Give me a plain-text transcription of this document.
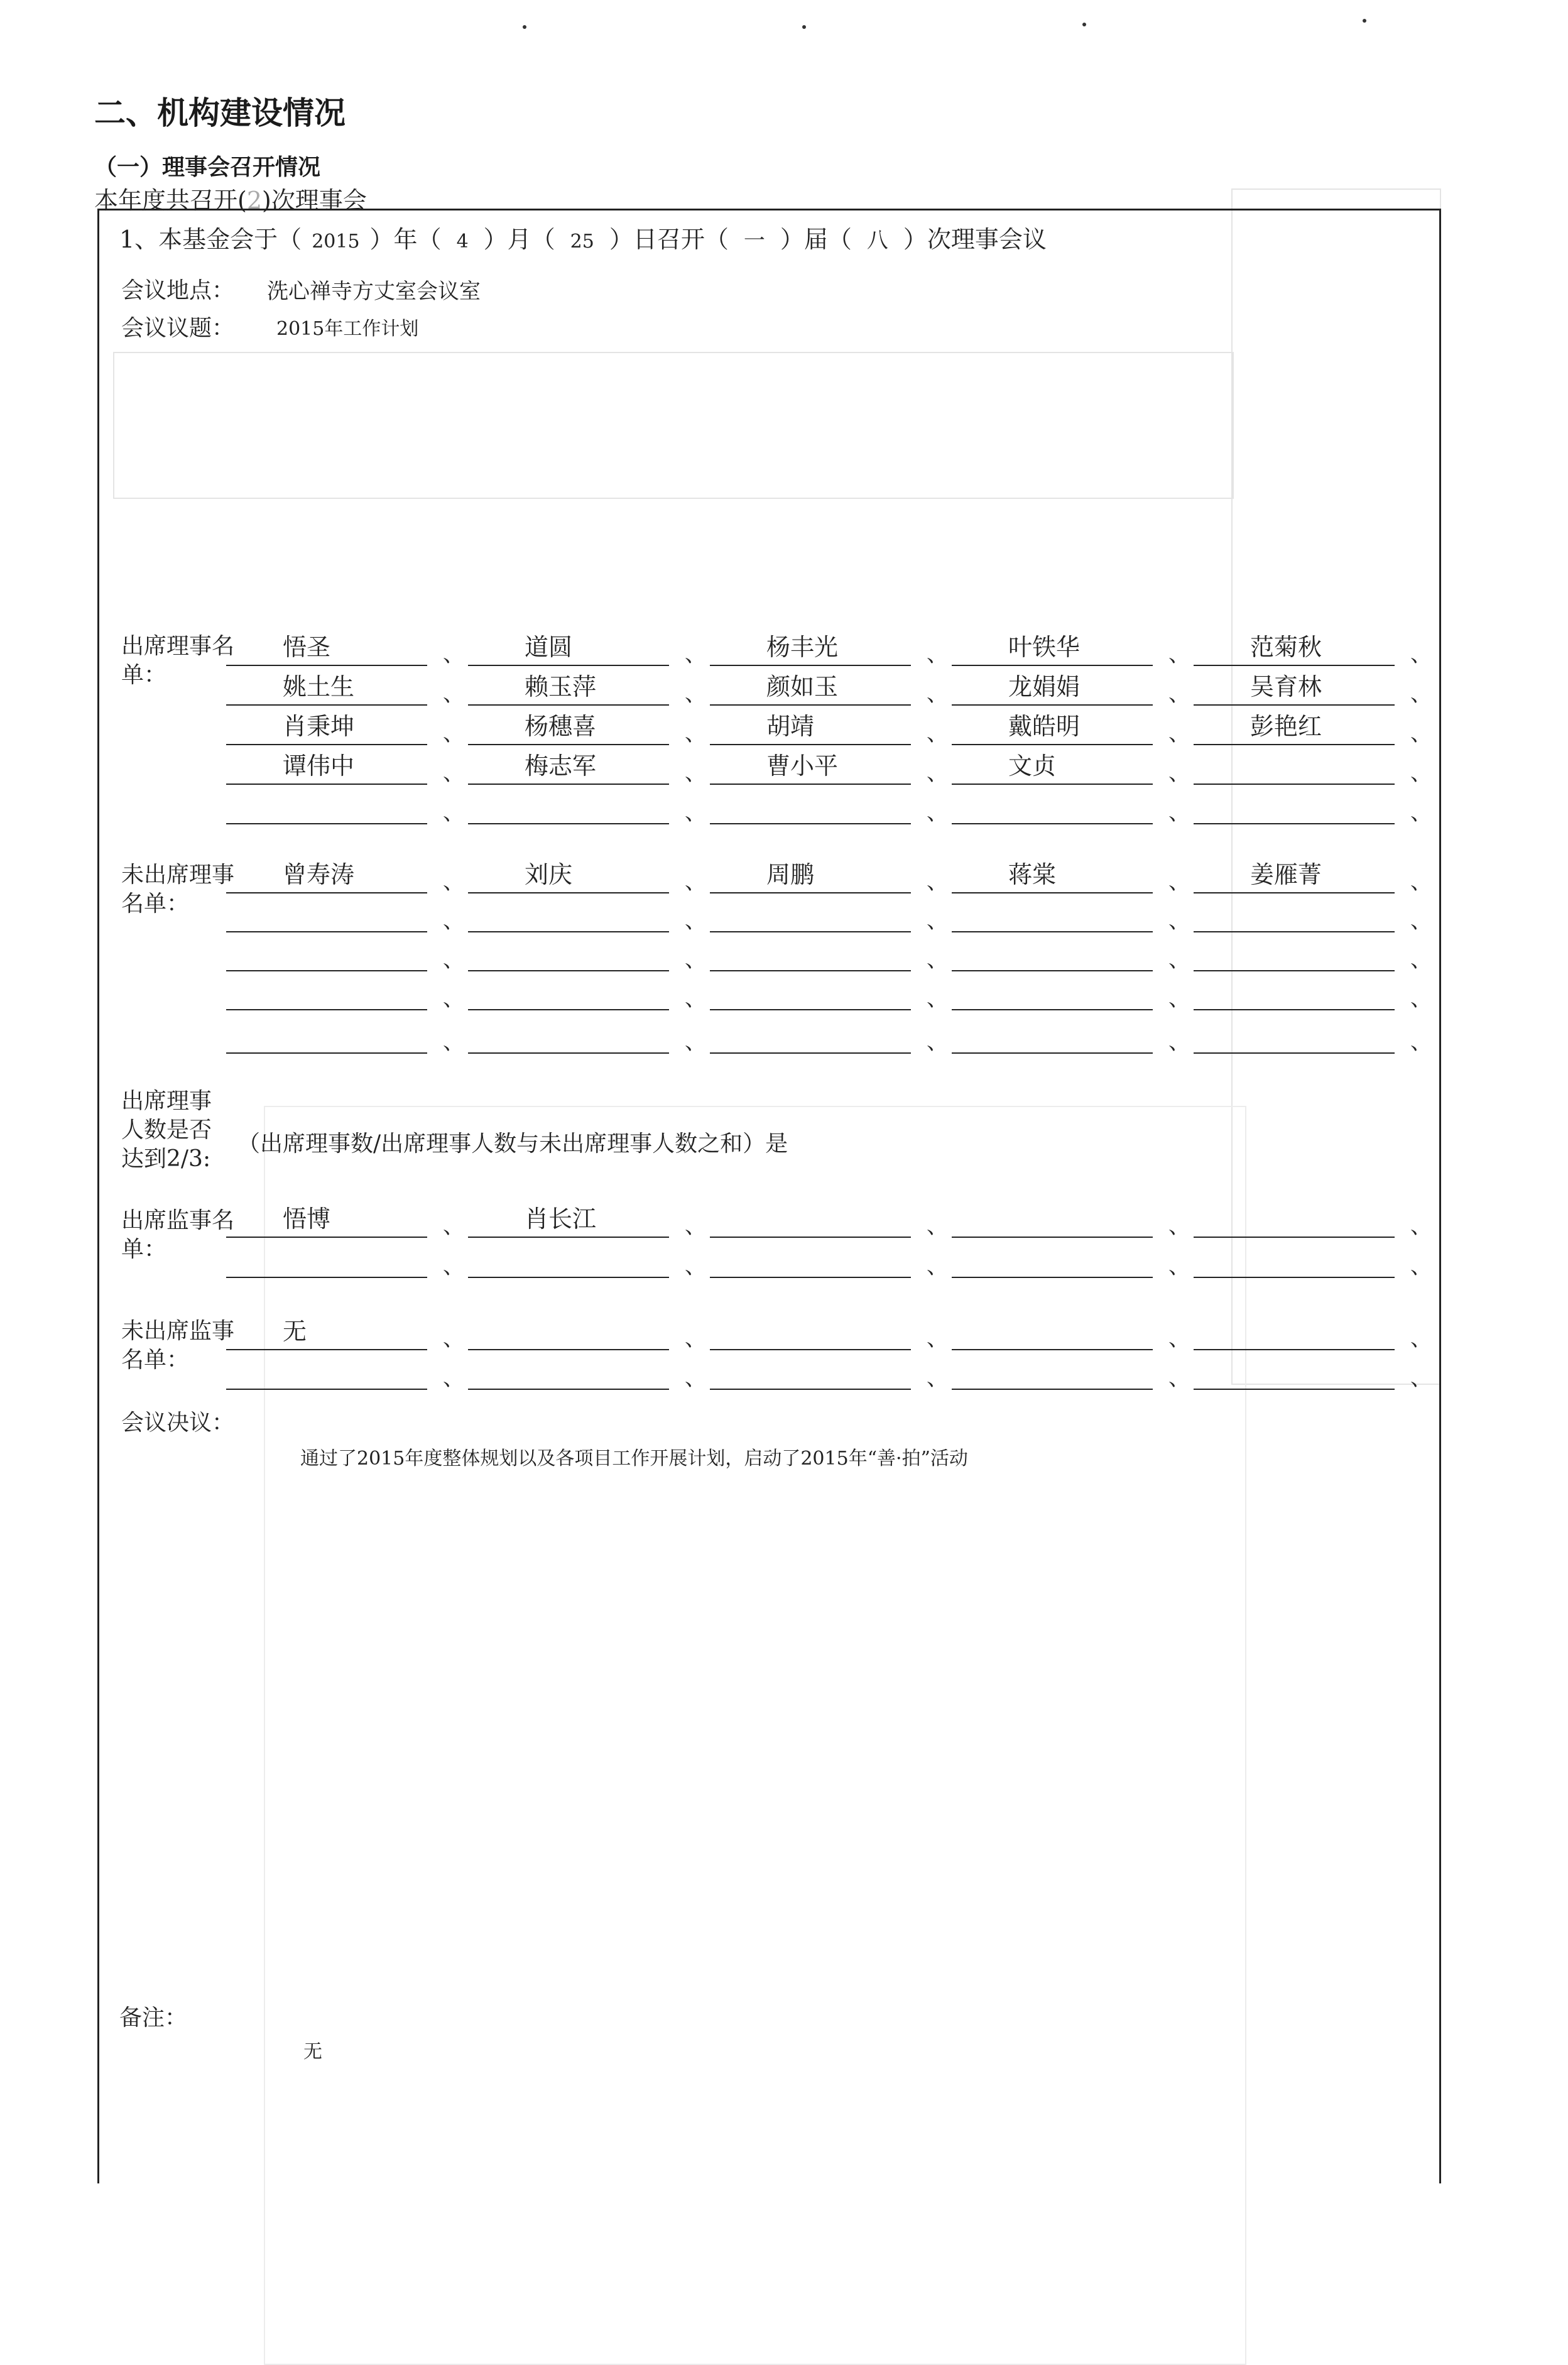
二、机构建设情况
（一）理事会召开情况
本年度共召开(2)次理事会
1、本基金会于（ 2015 ）年（ 4 ）月（ 25 ）日召开（ 一 ）届（ 八 ）次理事会议
会议地点： 洗心禅寺方丈室会议室
会议议题： 2015年工作计划
出席理事名单：
悟圣	、	道圆	、	杨丰光	、	叶铁华	、	范菊秋	、
姚土生	、	赖玉萍	、	颜如玉	、	龙娟娟	、	吴育林	、
肖秉坤	、	杨穗喜	、	胡靖	、	戴皓明	、	彭艳红	、
谭伟中	、	梅志军	、	曹小平	、	文贞	、	、
、	、	、	、	、
未出席理事名单：
曾寿涛	、	刘庆	、	周鹏	、	蒋棠	、	姜雁菁	、
、	、	、	、	、
、	、	、	、	、
、	、	、	、	、
、	、	、	、	、
出席理事人数是否达到2/3:
（出席理事数/出席理事人数与未出席理事人数之和）是
出席监事名单：
悟博	、	肖长江	、	、	、	、
、	、	、	、	、
未出席监事名单：
无	、	、	、	、	、
、	、	、	、	、
会议决议：
通过了2015年度整体规划以及各项目工作开展计划，启动了2015年“善·拍”活动
备注：
无
